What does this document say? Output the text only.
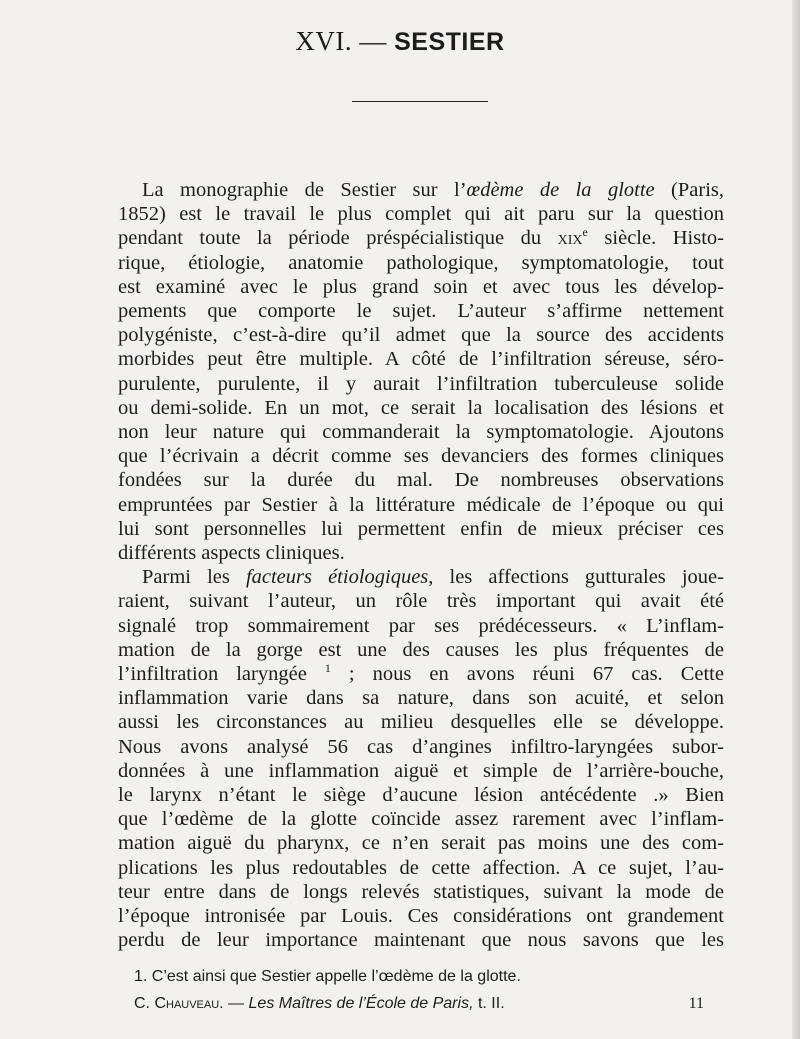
XVI. — SESTIER
La monographie de Sestier sur l’œdème de la glotte (Paris,
1852) est le travail le plus complet qui ait paru sur la question
pendant toute la période préspécialistique du xix$^e$ siècle. Histo-
rique, étiologie, anatomie pathologique, symptomatologie, tout
est examiné avec le plus grand soin et avec tous les dévelop-
pements que comporte le sujet. L’auteur s’affirme nettement
polygéniste, c’est-à-dire qu’il admet que la source des accidents
morbides peut être multiple. A côté de l’infiltration séreuse, séro-
purulente, purulente, il y aurait l’infiltration tuberculeuse solide
ou demi-solide. En un mot, ce serait la localisation des lésions et
non leur nature qui commanderait la symptomatologie. Ajoutons
que l’écrivain a décrit comme ses devanciers des formes cliniques
fondées sur la durée du mal. De nombreuses observations
empruntées par Sestier à la littérature médicale de l’époque ou qui
lui sont personnelles lui permettent enfin de mieux préciser ces
différents aspects cliniques.
Parmi les facteurs étiologiques, les affections gutturales joue-
raient, suivant l’auteur, un rôle très important qui avait été
signalé trop sommairement par ses prédécesseurs. « L’inflam-
mation de la gorge est une des causes les plus fréquentes de
l’infiltration laryngée $^1$ ; nous en avons réuni 67 cas. Cette
inflammation varie dans sa nature, dans son acuité, et selon
aussi les circonstances au milieu desquelles elle se développe.
Nous avons analysé 56 cas d’angines infiltro-laryngées subor-
données à une inflammation aiguë et simple de l’arrière-bouche,
le larynx n’étant le siège d’aucune lésion antécédente .» Bien
que l’œdème de la glotte coïncide assez rarement avec l’inflam-
mation aiguë du pharynx, ce n’en serait pas moins une des com-
plications les plus redoutables de cette affection. A ce sujet, l’au-
teur entre dans de longs relevés statistiques, suivant la mode de
l’époque intronisée par Louis. Ces considérations ont grandement
perdu de leur importance maintenant que nous savons que les
1. C’est ainsi que Sestier appelle l’œdème de la glotte.
C. Chauveau. — Les Maîtres de l’École de Paris, t. II.	11
